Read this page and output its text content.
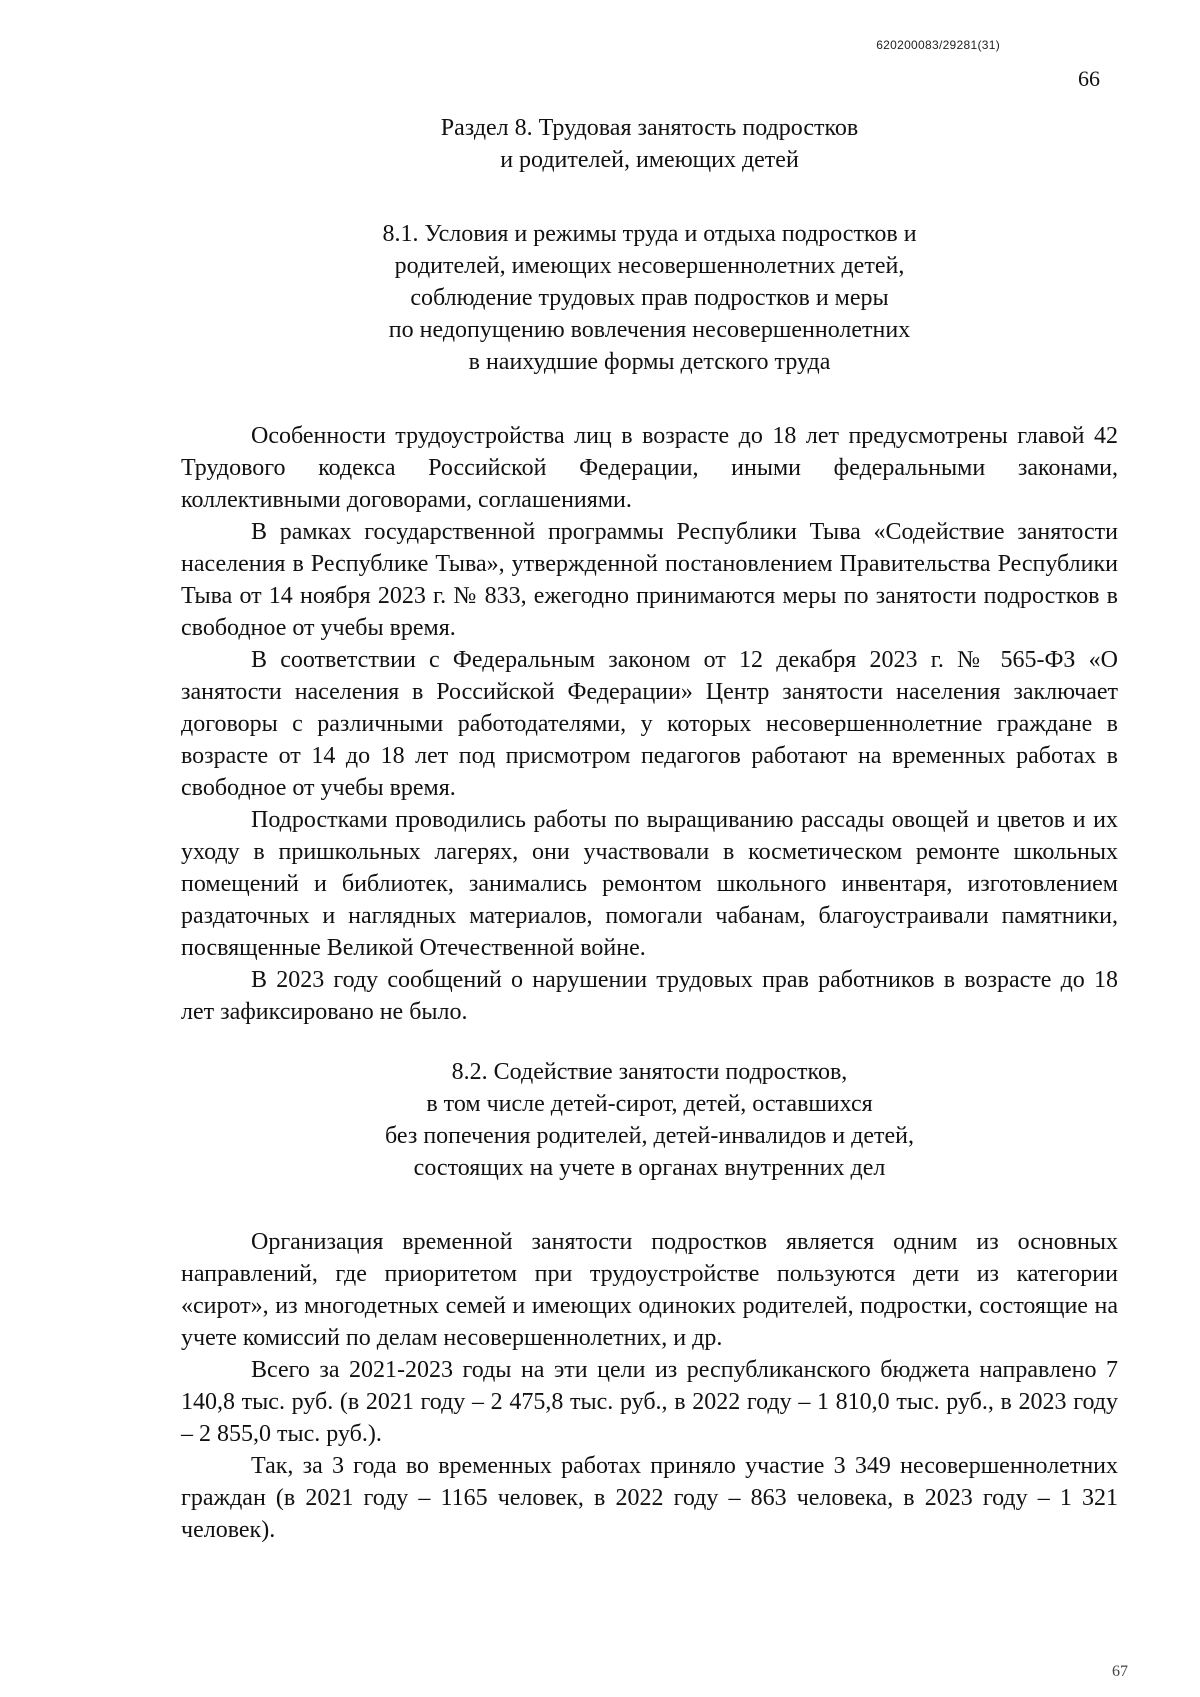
620200083/29281(31)
66
Раздел 8. Трудовая занятость подростков
и родителей, имеющих детей
8.1. Условия и режимы труда и отдыха подростков и
родителей, имеющих несовершеннолетних детей,
соблюдение трудовых прав подростков и меры
по недопущению вовлечения несовершеннолетних
в наихудшие формы детского труда

Особенности трудоустройства лиц в возрасте до 18 лет предусмотрены главой 42 Трудового кодекса Российской Федерации, иными федеральными законами, коллективными договорами, соглашениями.

В рамках государственной программы Республики Тыва «Содействие занятости населения в Республике Тыва», утвержденной постановлением Правительства Республики Тыва от 14 ноября 2023 г. № 833, ежегодно принимаются меры по занятости подростков в свободное от учебы время.

В соответствии с Федеральным законом от 12 декабря 2023 г. № 565-ФЗ «О занятости населения в Российской Федерации» Центр занятости населения заключает договоры с различными работодателями, у которых несовершеннолетние граждане в возрасте от 14 до 18 лет под присмотром педагогов работают на временных работах в свободное от учебы время.

Подростками проводились работы по выращиванию рассады овощей и цветов и их уходу в пришкольных лагерях, они участвовали в косметическом ремонте школьных помещений и библиотек, занимались ремонтом школьного инвентаря, изготовлением раздаточных и наглядных материалов, помогали чабанам, благоустраивали памятники, посвященные Великой Отечественной войне.

В 2023 году сообщений о нарушении трудовых прав работников в возрасте до 18 лет зафиксировано не было.

8.2. Содействие занятости подростков,
в том числе детей-сирот, детей, оставшихся
без попечения родителей, детей-инвалидов и детей,
состоящих на учете в органах внутренних дел

Организация временной занятости подростков является одним из основных направлений, где приоритетом при трудоустройстве пользуются дети из категории «сирот», из многодетных семей и имеющих одиноких родителей, подростки, состоящие на учете комиссий по делам несовершеннолетних, и др.

Всего за 2021-2023 годы на эти цели из республиканского бюджета направлено 7 140,8 тыс. руб. (в 2021 году – 2 475,8 тыс. руб., в 2022 году – 1 810,0 тыс. руб., в 2023 году – 2 855,0 тыс. руб.).

Так, за 3 года во временных работах приняло участие 3 349 несовершеннолетних граждан (в 2021 году – 1165 человек, в 2022 году – 863 человека, в 2023 году – 1 321 человек).

67
